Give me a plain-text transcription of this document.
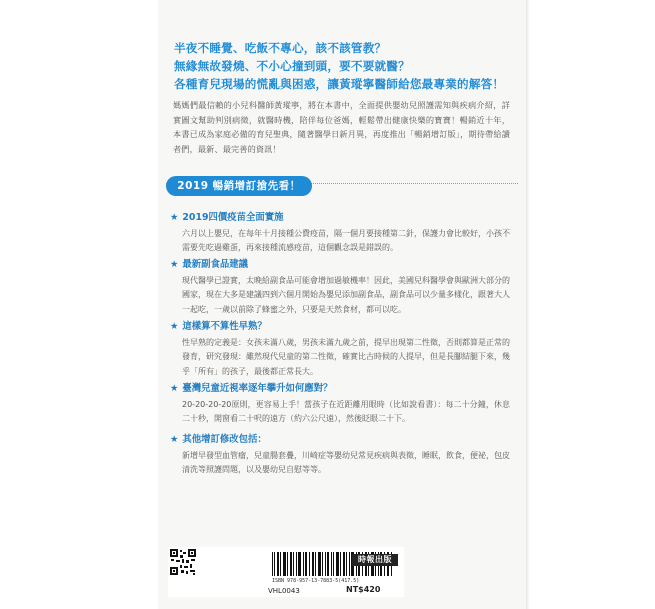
半夜不睡覺、吃飯不專心，該不該管教？
無緣無故發燒、不小心撞到頭，要不要就醫？
各種育兒現場的慌亂與困惑，讓黃瑽寧醫師給您最專業的解答！
媽媽們最信賴的小兒科醫師黃瑽寧，將在本書中，全面提供嬰幼兒照護需知與疾病介紹，詳實圖文幫助判別病徵，就醫時機，陪伴每位爸媽，輕鬆帶出健康快樂的寶寶！暢銷近十年，本書已成為家庭必備的育兒聖典，隨著醫學日新月異，再度推出「暢銷增訂版」，期待帶給讀者們，最新、最完善的資訊！
2019 暢銷增訂搶先看！
★ 2019四價疫苗全面實施
六月以上嬰兒，在每年十月接種公費疫苗，隔一個月要接種第二針，保護力會比較好，小孩不需要先吃過雞蛋，再來接種流感疫苗，這個觀念誤是錯誤的。
★ 最新副食品建議
現代醫學已證實，太晚給副食品可能會增加過敏機率！因此，美國兒科醫學會與歐洲大部分的國家，現在大多是建議四到六個月開始為嬰兒添加副食品，副食品可以少量多樣化，跟著大人一起吃，一歲以前除了蜂蜜之外，只要是天然食材，都可以吃。
★ 這樣算不算性早熟？
性早熟的定義是：女孩未滿八歲，男孩未滿九歲之前，提早出現第二性徵，否則都算是正常的發育，研究發現：雖然現代兒童的第二性徵，確實比古時候的人提早，但是長腳結腿下來，幾乎「所有」的孩子，最後都正常長大。
★ 臺灣兒童近視率逐年攀升如何應對？
20-20-20-20原則，更容易上手！當孩子在近距離用眼時（比如說看書）：每二十分鐘，休息二十秒，開窗看二十呎的遠方（約六公尺遠），然後眨眼二十下。
★ 其他增訂修改包括：
新增早發型血管瘤，兒童腸套疊，川崎症等嬰幼兒常見疾病與表徵，睡眠，飲食，便祕，包皮清洗等照護問題，以及嬰幼兒自慰等等。
時報出版
ISBN 978-957-13-7883-5(417.5)
VHL0043	NT$420
